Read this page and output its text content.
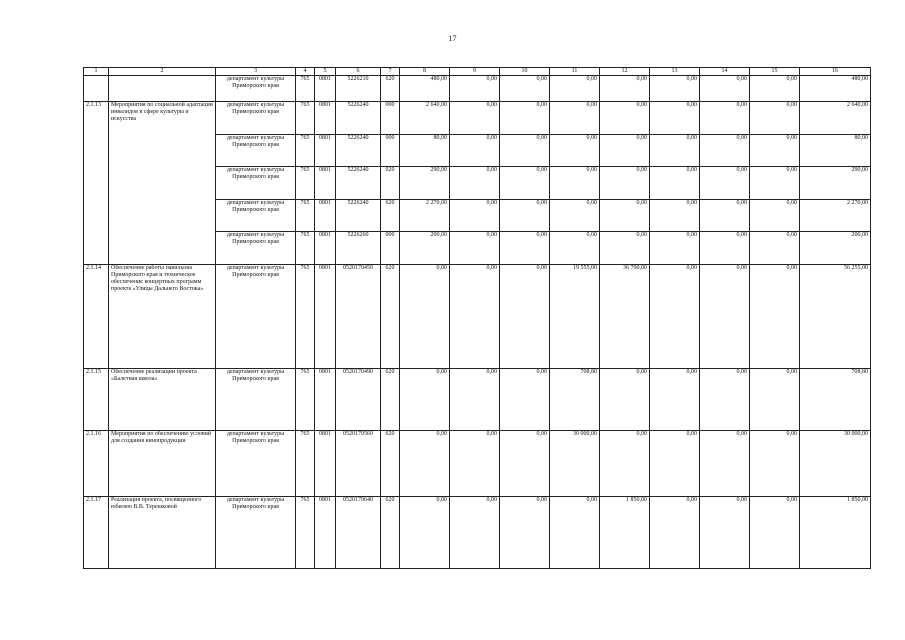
17
1	2	3	4	5	6	7	8	9	10	11	12	13	14	15	16
		департамент культуры Приморского края	765	0801	5226210	620	480,00	0,00	0,00	0,00	0,00	0,00	0,00	0,00	480,00
2.1.13	Мероприятия по социальной адаптации инвалидов в сфере культуры и искусства	департамент культуры Приморского края	765	0801	5226240	000	2 640,00	0,00	0,00	0,00	0,00	0,00	0,00	0,00	2 640,00
		департамент культуры Приморского края	765	0801	5226240	000	80,00	0,00	0,00	0,00	0,00	0,00	0,00	0,00	80,00
		департамент культуры Приморского края	765	0801	5226240	020	290,00	0,00	0,00	0,00	0,00	0,00	0,00	0,00	290,00
		департамент культуры Приморского края	765	0801	5226240	620	2 270,00	0,00	0,00	0,00	0,00	0,00	0,00	0,00	2 270,00
		департамент культуры Приморского края	765	0801	5226260	000	200,00	0,00	0,00	0,00	0,00	0,00	0,00	0,00	200,00
2.1.14	Обеспечение работы павильона Приморского края и техническое обеспечение концертных программ проекта «Улицы Дальнего Востока»	департамент культуры Приморского края	765	0801	0520170450	620	0,00	0,00	0,00	19 555,00	36 700,00	0,00	0,00	0,00	56 255,00
2.1.15	Обеспечение реализации проекта «Балетная школа»	департамент культуры Приморского края	765	0801	0520170490	620	0,00	0,00	0,00	708,80	0,00	0,00	0,00	0,00	708,80
2.1.16	Мероприятия по обеспечению условий для создания кинопродукции	департамент культуры Приморского края	765	0801	0520170560	620	0,00	0,00	0,00	30 000,00	0,00	0,00	0,00	0,00	30 000,00
2.1.17	Реализация проекта, посвященного юбилею В.В. Терешковой	департамент культуры Приморского края	765	0801	0520170640	620	0,00	0,00	0,00	0,00	1 850,00	0,00	0,00	0,00	1 850,00
